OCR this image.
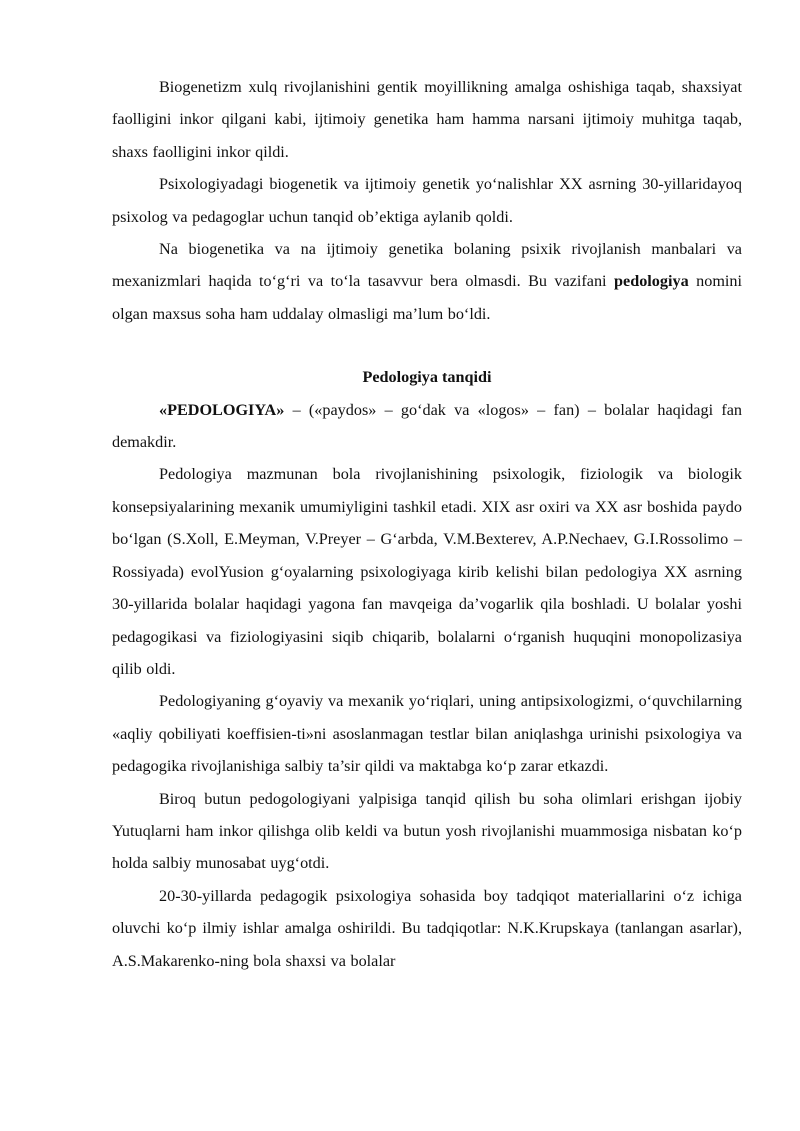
Biogenetizm xulq rivojlanishini gentik moyillikning amalga oshishiga taqab, shaxsiyat faolligini inkor qilgani kabi, ijtimoiy genetika ham hamma narsani ijtimoiy muhitga taqab, shaxs faolligini inkor qildi.

Psixologiyadagi biogenetik va ijtimoiy genetik yo‘nalishlar XX asrning 30-yillaridayoq psixolog va pedagoglar uchun tanqid ob’ektiga aylanib qoldi.

Na biogenetika va na ijtimoiy genetika bolaning psixik rivojlanish manbalari va mexanizmlari haqida to‘g‘ri va to‘la tasavvur bera olmasdi. Bu vazifani pedologiya nomini olgan maxsus soha ham uddalay olmasligi ma’lum bo‘ldi.

Pedologiya tanqidi

«PEDOLOGIYA» – («paydos» – go‘dak va «logos» – fan) – bolalar haqidagi fan demakdir.

Pedologiya mazmunan bola rivojlanishining psixologik, fiziologik va biologik konsepsiyalarining mexanik umumiyligini tashkil etadi. XIX asr oxiri va XX asr boshida paydo bo‘lgan (S.Xoll, E.Meyman, V.Preyer – G‘arbda, V.M.Bexterev, A.P.Nechaev, G.I.Rossolimo – Rossiyada) evolYusion g‘oyalarning psixologiyaga kirib kelishi bilan pedologiya XX asrning 30-yillarida bolalar haqidagi yagona fan mavqeiga da’vogarlik qila boshladi. U bolalar yoshi pedagogikasi va fiziologiyasini siqib chiqarib, bolalarni o‘rganish huquqini monopolizasiya qilib oldi.

Pedologiyaning g‘oyaviy va mexanik yo‘riqlari, uning antipsixologizmi, o‘quvchilarning «aqliy qobiliyati koeffisien-ti»ni asoslanmagan testlar bilan aniqlashga urinishi psixologiya va pedagogika rivojlanishiga salbiy ta’sir qildi va maktabga ko‘p zarar etkazdi.

Biroq butun pedogologiyani yalpisiga tanqid qilish bu soha olimlari erishgan ijobiy Yutuqlarni ham inkor qilishga olib keldi va butun yosh rivojlanishi muammosiga nisbatan ko‘p holda salbiy munosabat uyg‘otdi.

20-30-yillarda pedagogik psixologiya sohasida boy tadqiqot materiallarini o‘z ichiga oluvchi ko‘p ilmiy ishlar amalga oshirildi. Bu tadqiqotlar: N.K.Krupskaya (tanlangan asarlar), A.S.Makarenko-ning bola shaxsi va bolalar
